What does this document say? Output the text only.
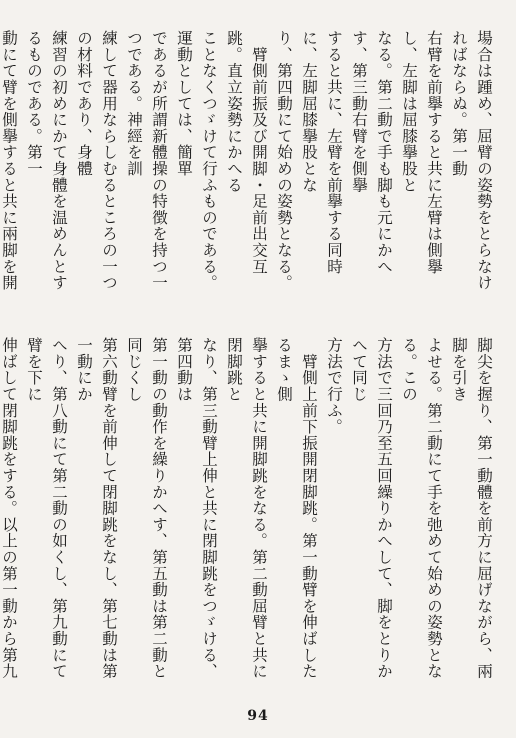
場合は踵め、屈臂の姿勢をとらなければならぬ。第一動
右臂を前擧すると共に左臂は側擧し、左脚は屈膝擧股と
なる。第二動で手も脚も元にかへす、第三動右臂を側擧
すると共に、左臂を前擧する同時に、左脚屈膝擧股とな
り、第四動にて始めの姿勢となる。
　臂側前振及び開脚・足前出交互跳。直立姿勢にかへる
ことなくつゞけて行ふものである。運動としては、簡單
であるが所謂新體操の特徴を持つ一つである。神經を訓
練して器用ならしむるところの一つの材料であり、身體
練習の初めにかて身體を温めんとするものである。第一
動にて臂を側擧すると共に兩脚を開

脚尖を握り、第一動體を前方に屈げながら、兩脚を引き
よせる。第二動にて手を弛めて始めの姿勢となる。この
方法で三回乃至五回繰りかへして、脚をとりかへて同じ
方法で行ふ。
　臂側上前下振開閉脚跳。第一動臂を伸ばしたるまゝ側
擧すると共に開脚跳をなる。第二動屈臂と共に閉脚跳と
なり、第三動臂上伸と共に閉脚跳をつゞける、第四動は
第一動の動作を繰りかへす、第五動は第二動と同じくし
第六動臂を前伸して閉脚跳をなし、第七動は第一動にか
へり、第八動にて第二動の如くし、第九動にて臂を下に
伸ばして閉脚跳をする。以上の第一動から第九

94
